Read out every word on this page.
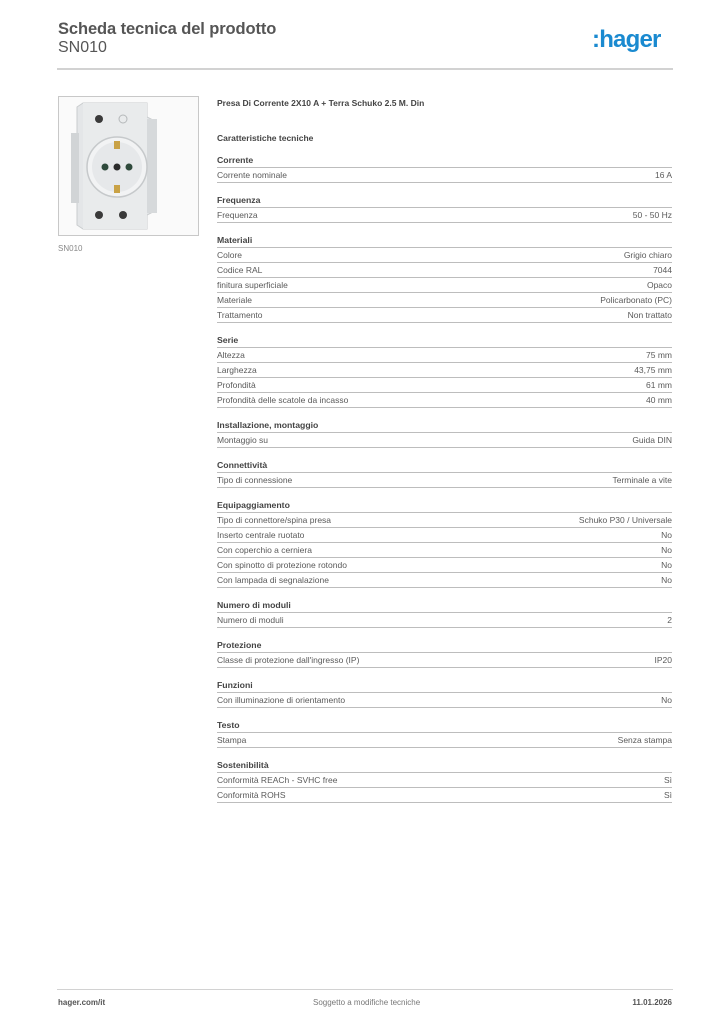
Scheda tecnica del prodotto
SN010	:hager
SN010
Presa Di Corrente 2X10 A + Terra Schuko 2.5 M. Din
Caratteristiche tecniche
Corrente
Corrente nominale	16 A
Frequenza
Frequenza	50 - 50 Hz
Materiali
Colore	Grigio chiaro
Codice RAL	7044
finitura superficiale	Opaco
Materiale	Policarbonato (PC)
Trattamento	Non trattato
Serie
Altezza	75 mm
Larghezza	43,75 mm
Profondità	61 mm
Profondità delle scatole da incasso	40 mm
Installazione, montaggio
Montaggio su	Guida DIN
Connettività
Tipo di connessione	Terminale a vite
Equipaggiamento
Tipo di connettore/spina presa	Schuko P30 / Universale
Inserto centrale ruotato	No
Con coperchio a cerniera	No
Con spinotto di protezione rotondo	No
Con lampada di segnalazione	No
Numero di moduli
Numero di moduli	2
Protezione
Classe di protezione dall'ingresso (IP)	IP20
Funzioni
Con illuminazione di orientamento	No
Testo
Stampa	Senza stampa
Sostenibilità
Conformità REACh - SVHC free	Sì
Conformità ROHS	Sì
hager.com/it	Soggetto a modifiche tecniche	11.01.2026
